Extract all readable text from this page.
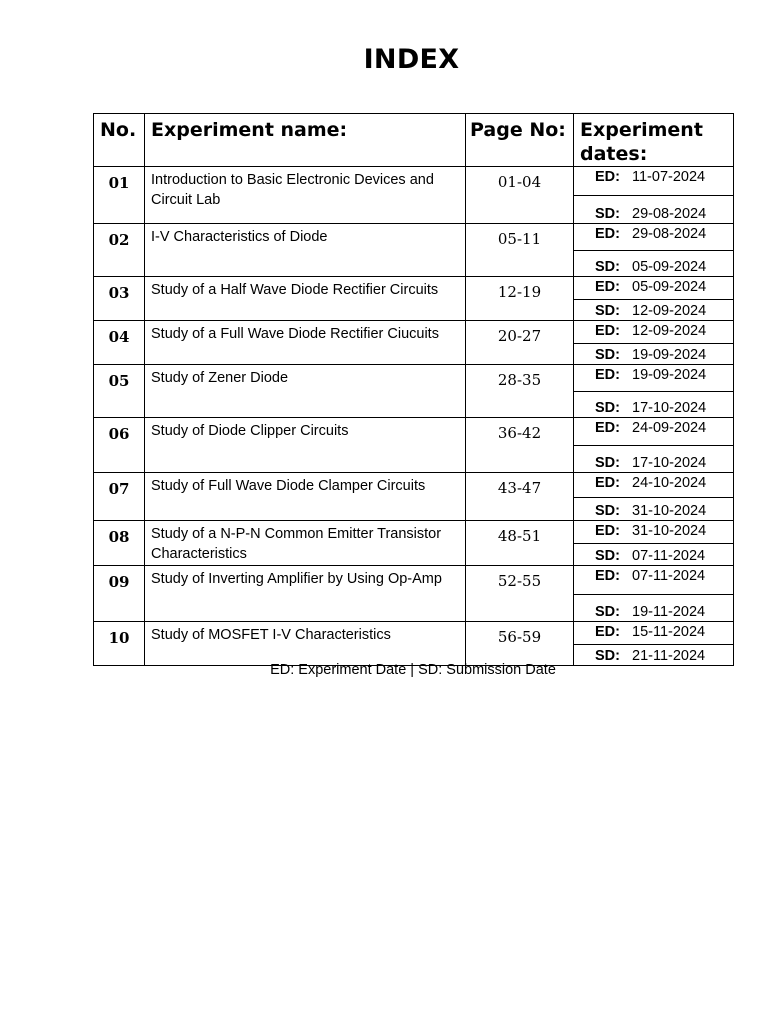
INDEX
No.	Experiment name:	Page No:	Experiment dates:
01	Introduction to Basic Electronic Devices and Circuit Lab	01-04	ED: 11-07-2024
SD: 29-08-2024

02	I-V Characteristics of Diode	05-11	ED: 29-08-2024
SD: 05-09-2024

03	Study of a Half Wave Diode Rectifier Circuits	12-19	ED: 05-09-2024
SD: 12-09-2024

04	Study of a Full Wave Diode Rectifier Ciucuits	20-27	ED: 12-09-2024
SD: 19-09-2024

05	Study of Zener Diode	28-35	ED: 19-09-2024
SD: 17-10-2024

06	Study of Diode Clipper Circuits	36-42	ED: 24-09-2024
SD: 17-10-2024

07	Study of Full Wave Diode Clamper Circuits	43-47	ED: 24-10-2024
SD: 31-10-2024

08	Study of a N-P-N Common Emitter Transistor Characteristics	48-51	ED: 31-10-2024
SD: 07-11-2024

09	Study of Inverting Amplifier by Using Op-Amp	52-55	ED: 07-11-2024
SD: 19-11-2024

10	Study of MOSFET I-V Characteristics	56-59	ED: 15-11-2024
SD: 21-11-2024
ED: Experiment Date | SD: Submission Date
